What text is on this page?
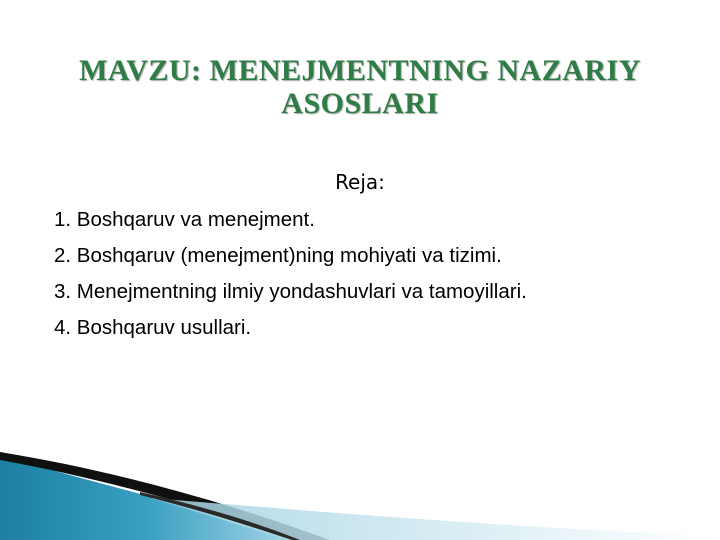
MAVZU: MENEJMENTNING NAZARIY
ASOSLARI
Reja:
1. Boshqaruv va menejment.
2. Boshqaruv (menejment)ning mohiyati va tizimi.
3. Menejmentning ilmiy yondashuvlari va tamoyillari.
4. Boshqaruv usullari.
